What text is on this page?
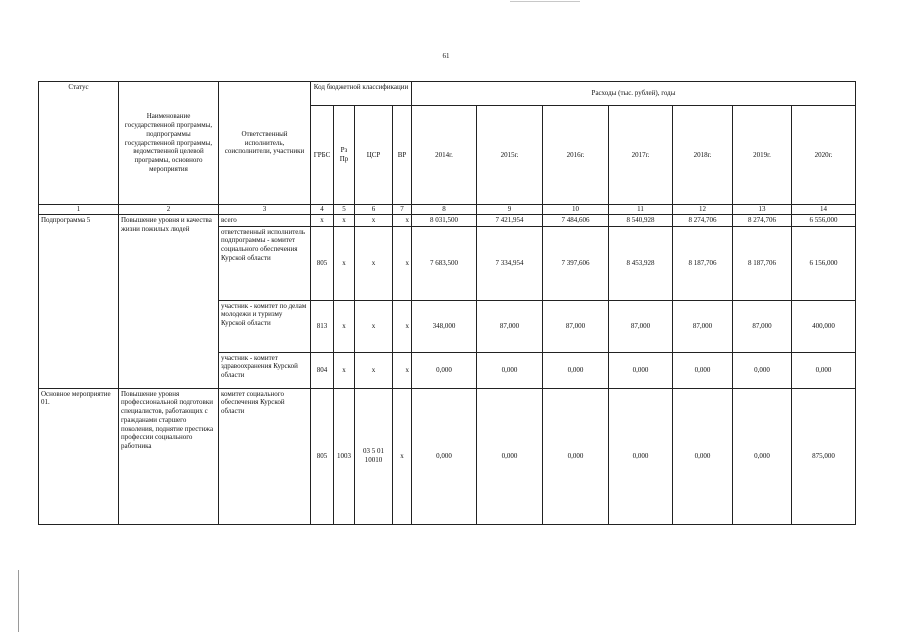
61
Статус	Наименование государственной программы, подпрограммы государственной программы, ведомственной целевой программы, основного мероприятия	Ответственный исполнитель, соисполнители, участники	Код бюджетной классификации				Расходы (тыс. рублей), годы						
			ГРБС	Рз Пр	ЦСР	ВР	2014г.	2015г.	2016г.	2017г.	2018г.	2019г.	2020г.
1	2	3	4	5	6	7	8	9	10	11	12	13	14
Подпрограмма 5	Повышение уровня и качества жизни пожилых людей	всего	х	х	х	х	8 031,500	7 421,954	7 484,606	8 540,928	8 274,706	8 274,706	6 556,000
		ответственный исполнитель подпрограммы - комитет социального обеспечения Курской области	805	х	х	х	7 683,500	7 334,954	7 397,606	8 453,928	8 187,706	8 187,706	6 156,000
		участник - комитет по делам молодежи и туризму Курской области	813	х	х	х	348,000	87,000	87,000	87,000	87,000	87,000	400,000
		участник - комитет здравоохранения Курской области	804	х	х	х	0,000	0,000	0,000	0,000	0,000	0,000	0,000
Основное мероприятие 01.	Повышение уровня профессиональной подготовки специалистов, работающих с гражданами старшего поколения, поднятие престижа профессии социального работника	комитет социального обеспечения Курской области	805	1003	03 5 01 10010	х	0,000	0,000	0,000	0,000	0,000	0,000	875,000
